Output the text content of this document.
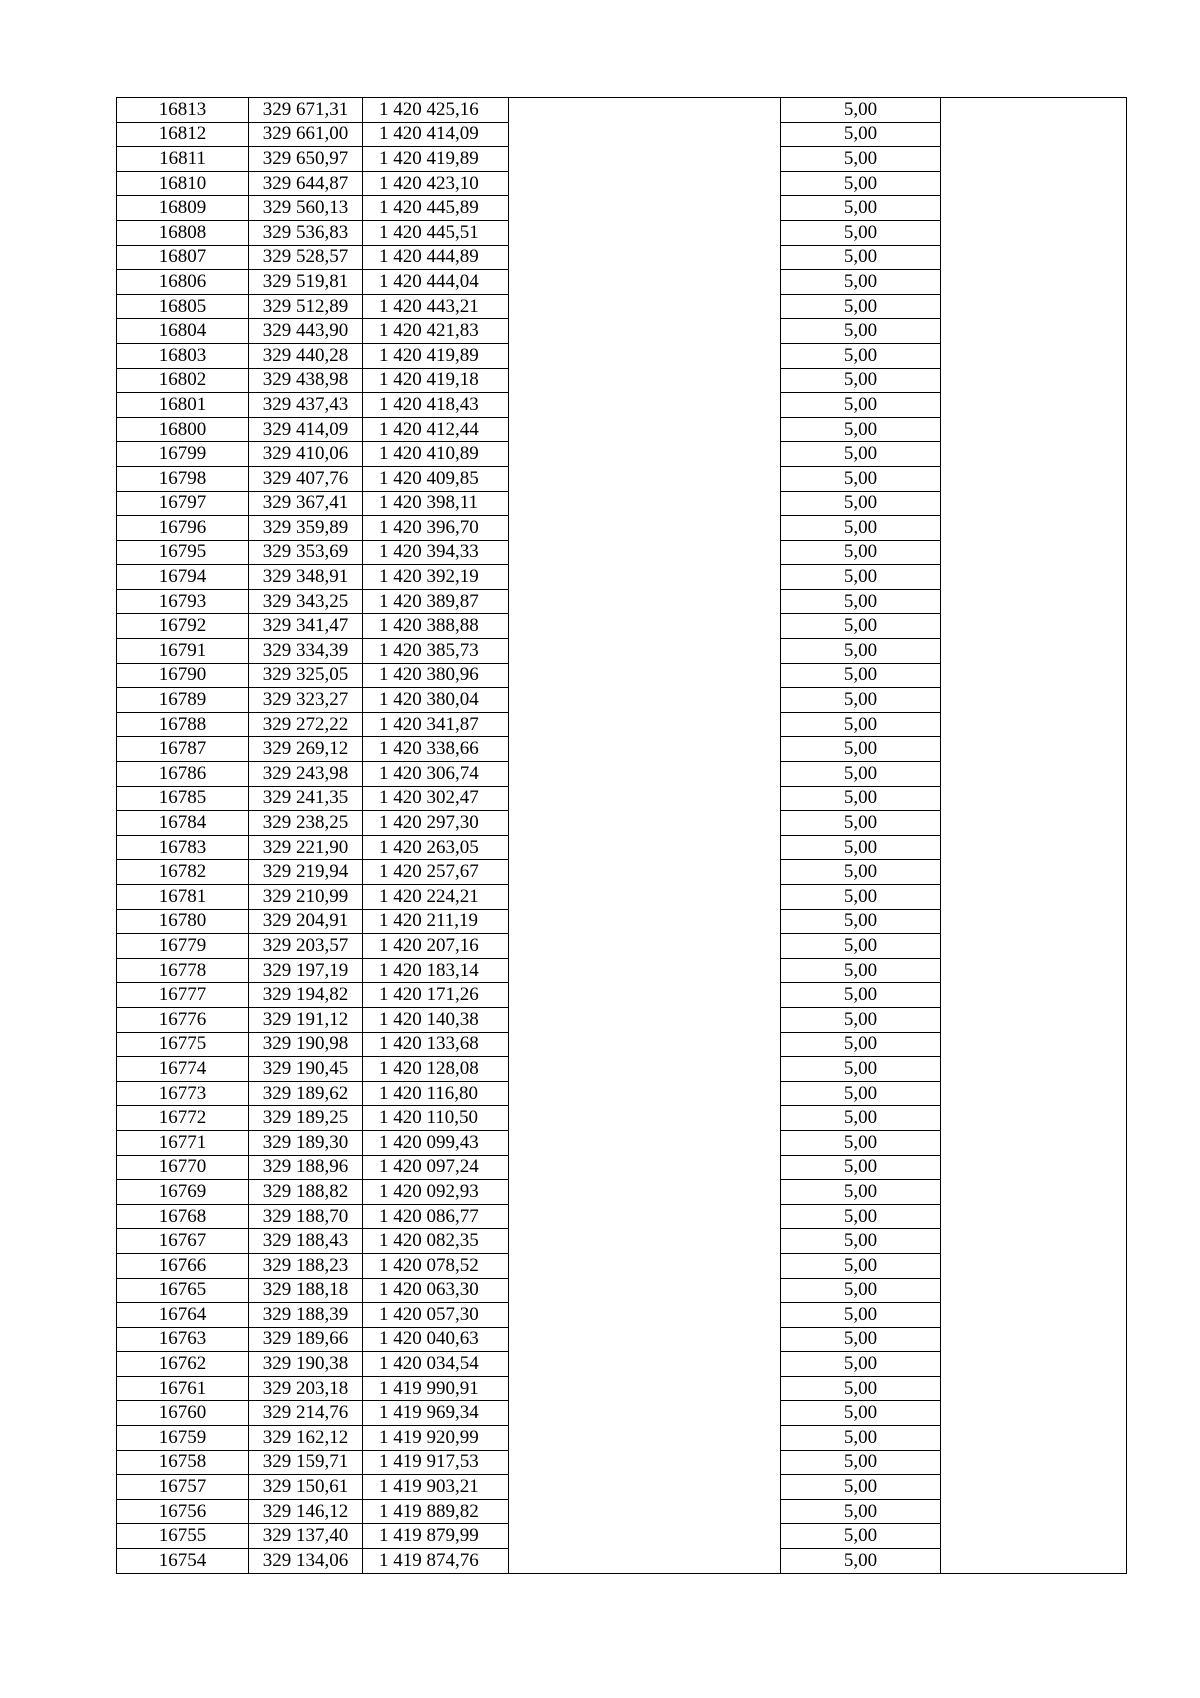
16813	329 671,31	1 420 425,16		5,00	
16812	329 661,00	1 420 414,09		5,00	
16811	329 650,97	1 420 419,89		5,00	
16810	329 644,87	1 420 423,10		5,00	
16809	329 560,13	1 420 445,89		5,00	
16808	329 536,83	1 420 445,51		5,00	
16807	329 528,57	1 420 444,89		5,00	
16806	329 519,81	1 420 444,04		5,00	
16805	329 512,89	1 420 443,21		5,00	
16804	329 443,90	1 420 421,83		5,00	
16803	329 440,28	1 420 419,89		5,00	
16802	329 438,98	1 420 419,18		5,00	
16801	329 437,43	1 420 418,43		5,00	
16800	329 414,09	1 420 412,44		5,00	
16799	329 410,06	1 420 410,89		5,00	
16798	329 407,76	1 420 409,85		5,00	
16797	329 367,41	1 420 398,11		5,00	
16796	329 359,89	1 420 396,70		5,00	
16795	329 353,69	1 420 394,33		5,00	
16794	329 348,91	1 420 392,19		5,00	
16793	329 343,25	1 420 389,87		5,00	
16792	329 341,47	1 420 388,88		5,00	
16791	329 334,39	1 420 385,73		5,00	
16790	329 325,05	1 420 380,96		5,00	
16789	329 323,27	1 420 380,04		5,00	
16788	329 272,22	1 420 341,87		5,00	
16787	329 269,12	1 420 338,66		5,00	
16786	329 243,98	1 420 306,74		5,00	
16785	329 241,35	1 420 302,47		5,00	
16784	329 238,25	1 420 297,30		5,00	
16783	329 221,90	1 420 263,05		5,00	
16782	329 219,94	1 420 257,67		5,00	
16781	329 210,99	1 420 224,21		5,00	
16780	329 204,91	1 420 211,19		5,00	
16779	329 203,57	1 420 207,16		5,00	
16778	329 197,19	1 420 183,14		5,00	
16777	329 194,82	1 420 171,26		5,00	
16776	329 191,12	1 420 140,38		5,00	
16775	329 190,98	1 420 133,68		5,00	
16774	329 190,45	1 420 128,08		5,00	
16773	329 189,62	1 420 116,80		5,00	
16772	329 189,25	1 420 110,50		5,00	
16771	329 189,30	1 420 099,43		5,00	
16770	329 188,96	1 420 097,24		5,00	
16769	329 188,82	1 420 092,93		5,00	
16768	329 188,70	1 420 086,77		5,00	
16767	329 188,43	1 420 082,35		5,00	
16766	329 188,23	1 420 078,52		5,00	
16765	329 188,18	1 420 063,30		5,00	
16764	329 188,39	1 420 057,30		5,00	
16763	329 189,66	1 420 040,63		5,00	
16762	329 190,38	1 420 034,54		5,00	
16761	329 203,18	1 419 990,91		5,00	
16760	329 214,76	1 419 969,34		5,00	
16759	329 162,12	1 419 920,99		5,00	
16758	329 159,71	1 419 917,53		5,00	
16757	329 150,61	1 419 903,21		5,00	
16756	329 146,12	1 419 889,82		5,00	
16755	329 137,40	1 419 879,99		5,00	
16754	329 134,06	1 419 874,76		5,00	
